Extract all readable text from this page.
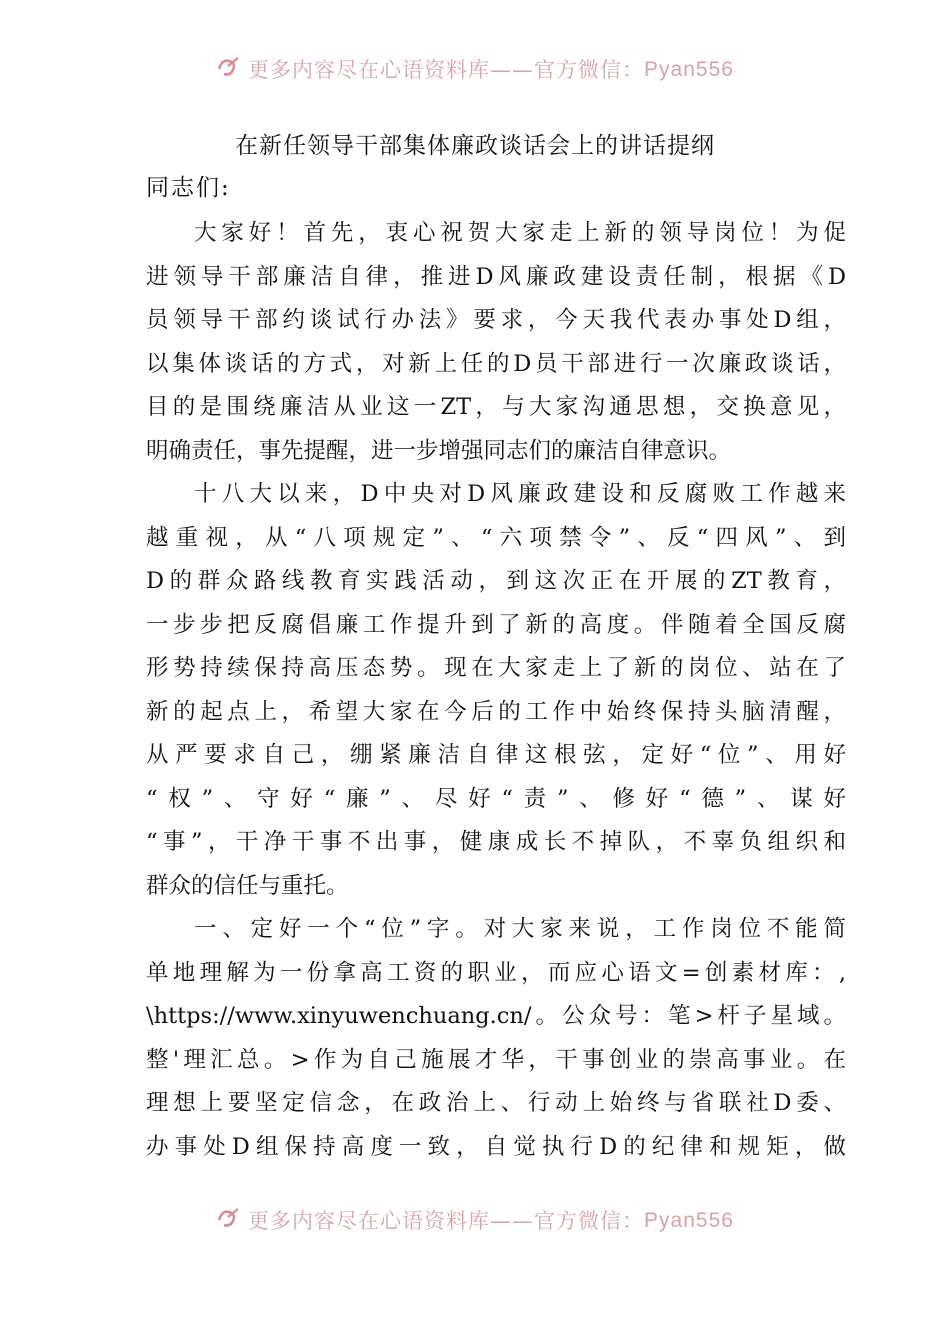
更多内容尽在心语资料库——官方微信：Pyan556
在新任领导干部集体廉政谈话会上的讲话提纲
同志们:
大家好！首先，衷心祝贺大家走上新的领导岗位！为促
进领导干部廉洁自律，推进D风廉政建设责任制，根据《D
员领导干部约谈试行办法》要求，今天我代表办事处D组，
以集体谈话的方式，对新上任的D员干部进行一次廉政谈话，
目的是围绕廉洁从业这一ZT，与大家沟通思想，交换意见，
明确责任，事先提醒，进一步增强同志们的廉洁自律意识。
十八大以来，D中央对D风廉政建设和反腐败工作越来
越重视，从“八项规定”、“六项禁令”、反“四风”、到
D的群众路线教育实践活动，到这次正在开展的ZT教育，
一步步把反腐倡廉工作提升到了新的高度。伴随着全国反腐
形势持续保持高压态势。现在大家走上了新的岗位、站在了
新的起点上，希望大家在今后的工作中始终保持头脑清醒，
从严要求自己，绷紧廉洁自律这根弦，定好“位”、用好
“权”、守好“廉”、尽好“责”、修好“德”、谋好
“事”，干净干事不出事，健康成长不掉队，不辜负组织和
群众的信任与重托。
一、定好一个“位”字。对大家来说，工作岗位不能简
单地理解为一份拿高工资的职业，而应心语文=创素材库：,
\https://www.xinyuwenchuang.cn/。公众号：笔>杆子星域。
整'理汇总。>作为自己施展才华，干事创业的崇高事业。在
理想上要坚定信念，在政治上、行动上始终与省联社D委、
办事处D组保持高度一致，自觉执行D的纪律和规矩，做
更多内容尽在心语资料库——官方微信：Pyan556
